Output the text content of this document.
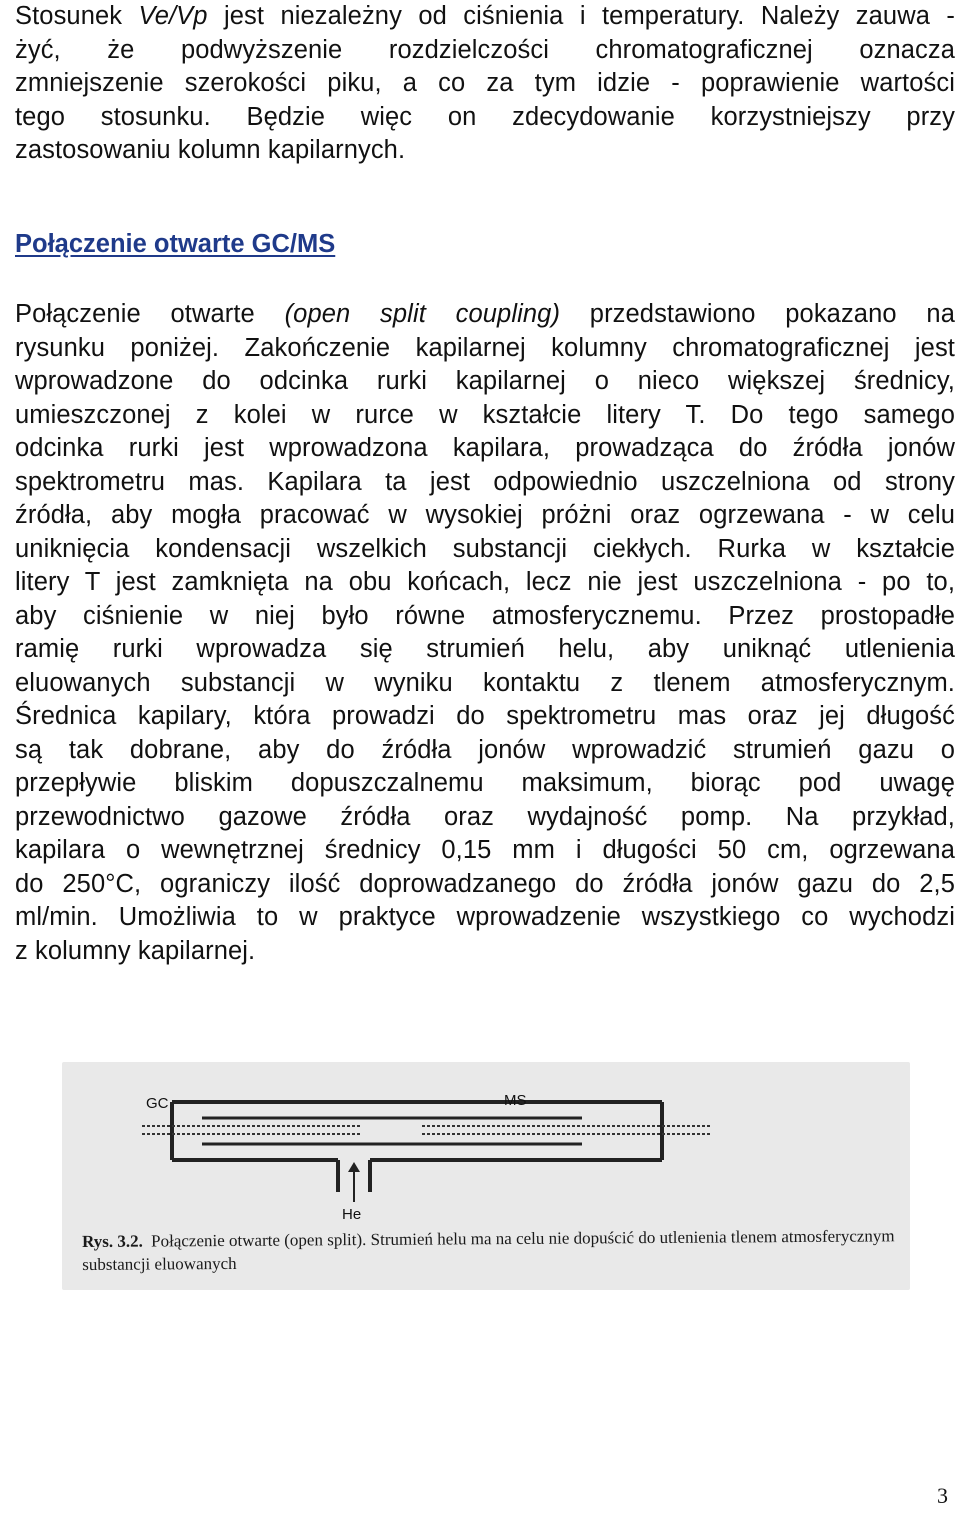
Stosunek Ve/Vp jest niezależny od ciśnienia i temperatury. Należy zauwa -
żyć, że podwyższenie rozdzielczości chromatograficznej oznacza
zmniejszenie szerokości piku, a co za tym idzie - poprawienie wartości
tego stosunku. Będzie więc on zdecydowanie korzystniejszy przy
zastosowaniu kolumn kapilarnych.
Połączenie otwarte GC/MS
Połączenie otwarte (open split coupling) przedstawiono pokazano na
rysunku poniżej. Zakończenie kapilarnej kolumny chromatograficznej jest
wprowadzone do odcinka rurki kapilarnej o nieco większej średnicy,
umieszczonej z kolei w rurce w kształcie litery T. Do tego samego
odcinka rurki jest wprowadzona kapilara, prowadząca do źródła jonów
spektrometru mas. Kapilara ta jest odpowiednio uszczelniona od strony
źródła, aby mogła pracować w wysokiej próżni oraz ogrzewana - w celu
uniknięcia kondensacji wszelkich substancji ciekłych. Rurka w kształcie
litery T jest zamknięta na obu końcach, lecz nie jest uszczelniona - po to,
aby ciśnienie w niej było równe atmosferycznemu. Przez prostopadłe
ramię rurki wprowadza się strumień helu, aby uniknąć utlenienia
eluowanych substancji w wyniku kontaktu z tlenem atmosferycznym.
Średnica kapilary, która prowadzi do spektrometru mas oraz jej długość
są tak dobrane, aby do źródła jonów wprowadzić strumień gazu o
przepływie bliskim dopuszczalnemu maksimum, biorąc pod uwagę
przewodnictwo gazowe źródła oraz wydajność pomp. Na przykład,
kapilara o wewnętrznej średnicy 0,15 mm i długości 50 cm, ogrzewana
do 250°C, ograniczy ilość doprowadzanego do źródła jonów gazu do 2,5
ml/min. Umożliwia to w praktyce wprowadzenie wszystkiego co wychodzi
z kolumny kapilarnej.

GC	MS

He

Rys. 3.2. Połączenie otwarte (open split). Strumień helu ma na celu nie dopuścić do utlenienia tlenem atmosferycznym substancji eluowanych

3
